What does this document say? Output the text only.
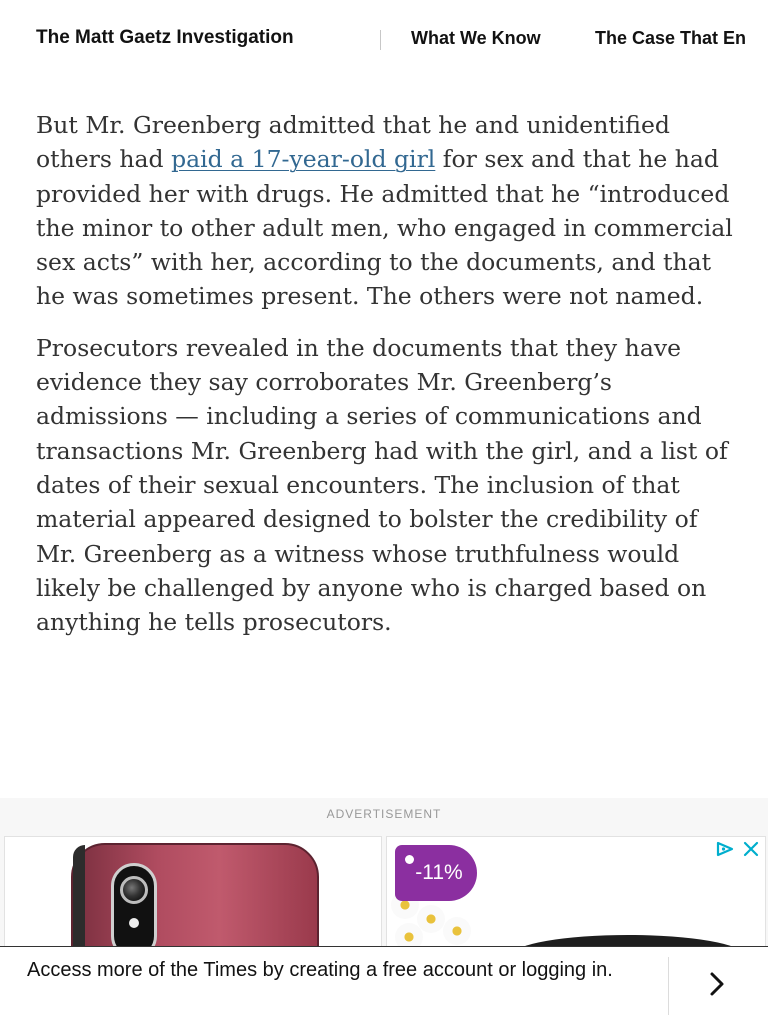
The Matt Gaetz Investigation	What We Know	The Case That En

But Mr. Greenberg admitted that he and unidentified others had paid a 17-year-old girl for sex and that he had provided her with drugs. He admitted that he “introduced the minor to other adult men, who engaged in commercial sex acts” with her, according to the documents, and that he was sometimes present. The others were not named.

Prosecutors revealed in the documents that they have evidence they say corroborates Mr. Greenberg’s admissions — including a series of communications and transactions Mr. Greenberg had with the girl, and a list of dates of their sexual encounters. The inclusion of that material appeared designed to bolster the credibility of Mr. Greenberg as a witness whose truthfulness would likely be challenged by anyone who is charged based on anything he tells prosecutors.

ADVERTISEMENT
-11%
Access more of the Times by creating a free account or logging in.
